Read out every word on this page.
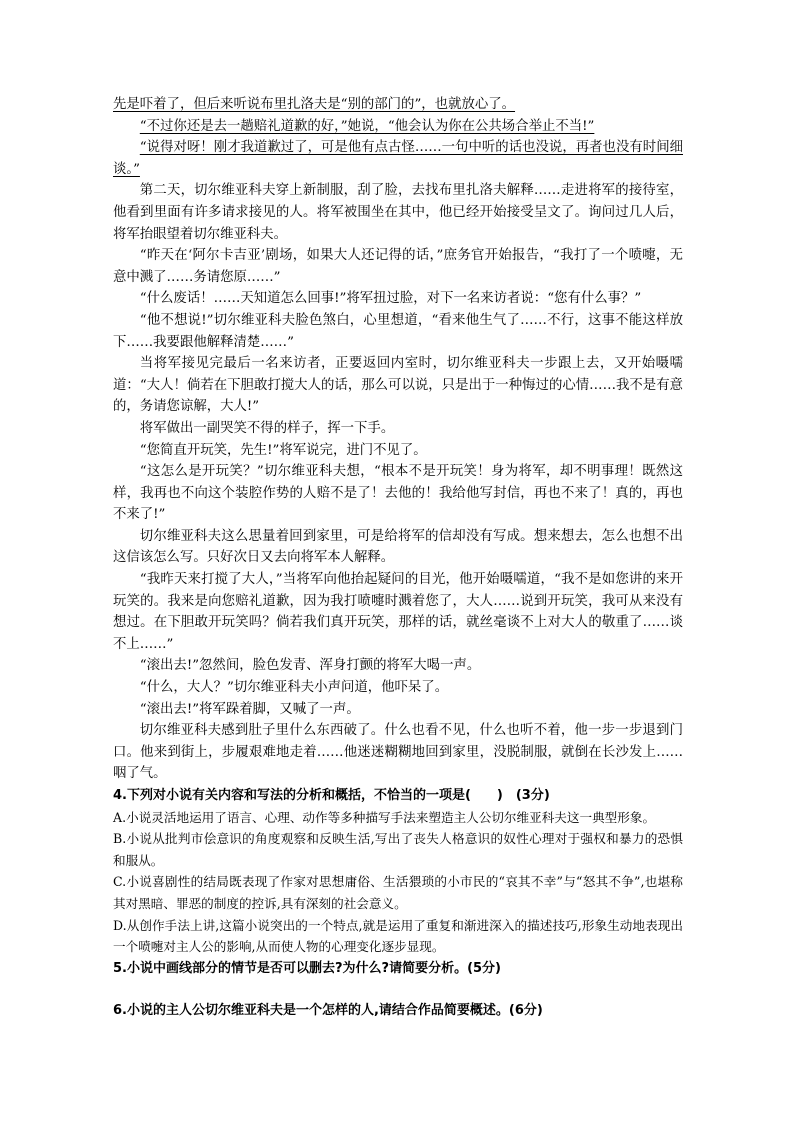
先是吓着了，但后来听说布里扎洛夫是“别的部门的”，也就放心了。

“不过你还是去一趟赔礼道歉的好，”她说，“他会认为你在公共场合举止不当!”

“说得对呀！刚才我道歉过了，可是他有点古怪……一句中听的话也没说，再者也没有时间细谈。”

第二天，切尔维亚科夫穿上新制服，刮了脸，去找布里扎洛夫解释……走进将军的接待室，他看到里面有许多请求接见的人。将军被围坐在其中，他已经开始接受呈文了。询问过几人后，将军抬眼望着切尔维亚科夫。

“昨天在‘阿尔卡吉亚’剧场，如果大人还记得的话，”庶务官开始报告，“我打了一个喷嚏，无意中溅了……务请您原……”

“什么废话！……天知道怎么回事!”将军扭过脸，对下一名来访者说：“您有什么事？”

“他不想说!”切尔维亚科夫脸色煞白，心里想道，“看来他生气了……不行，这事不能这样放下……我要跟他解释清楚……”

当将军接见完最后一名来访者，正要返回内室时，切尔维亚科夫一步跟上去，又开始嗫嚅道：“大人！倘若在下胆敢打搅大人的话，那么可以说，只是出于一种悔过的心情……我不是有意的，务请您谅解，大人!”

将军做出一副哭笑不得的样子，挥一下手。

“您简直开玩笑，先生!”将军说完，进门不见了。

“这怎么是开玩笑？”切尔维亚科夫想，“根本不是开玩笑！身为将军，却不明事理！既然这样，我再也不向这个装腔作势的人赔不是了！去他的！我给他写封信，再也不来了！真的，再也不来了!”

切尔维亚科夫这么思量着回到家里，可是给将军的信却没有写成。想来想去，怎么也想不出这信该怎么写。只好次日又去向将军本人解释。

“我昨天来打搅了大人，”当将军向他抬起疑问的目光，他开始嗫嚅道，“我不是如您讲的来开玩笑的。我来是向您赔礼道歉，因为我打喷嚏时溅着您了，大人……说到开玩笑，我可从来没有想过。在下胆敢开玩笑吗？倘若我们真开玩笑，那样的话，就丝毫谈不上对大人的敬重了……谈不上……”

“滚出去!”忽然间，脸色发青、浑身打颤的将军大喝一声。

“什么，大人？”切尔维亚科夫小声问道，他吓呆了。

“滚出去!”将军跺着脚，又喊了一声。

切尔维亚科夫感到肚子里什么东西破了。什么也看不见，什么也听不着，他一步一步退到门口。他来到街上，步履艰难地走着……他迷迷糊糊地回到家里，没脱制服，就倒在长沙发上……咽了气。

4.下列对小说有关内容和写法的分析和概括，不恰当的一项是(　　)　(3分)

A.小说灵活地运用了语言、心理、动作等多种描写手法来塑造主人公切尔维亚科夫这一典型形象。

B.小说从批判市侩意识的角度观察和反映生活,写出了丧失人格意识的奴性心理对于强权和暴力的恐惧和服从。

C.小说喜剧性的结局既表现了作家对思想庸俗、生活猥琐的小市民的“哀其不幸”与“怒其不争”,也堪称其对黑暗、罪恶的制度的控诉,具有深刻的社会意义。

D.从创作手法上讲,这篇小说突出的一个特点,就是运用了重复和渐进深入的描述技巧,形象生动地表现出一个喷嚏对主人公的影响,从而使人物的心理变化逐步显现。

5.小说中画线部分的情节是否可以删去?为什么?请简要分析。(5分)

6.小说的主人公切尔维亚科夫是一个怎样的人,请结合作品简要概述。(6分)
